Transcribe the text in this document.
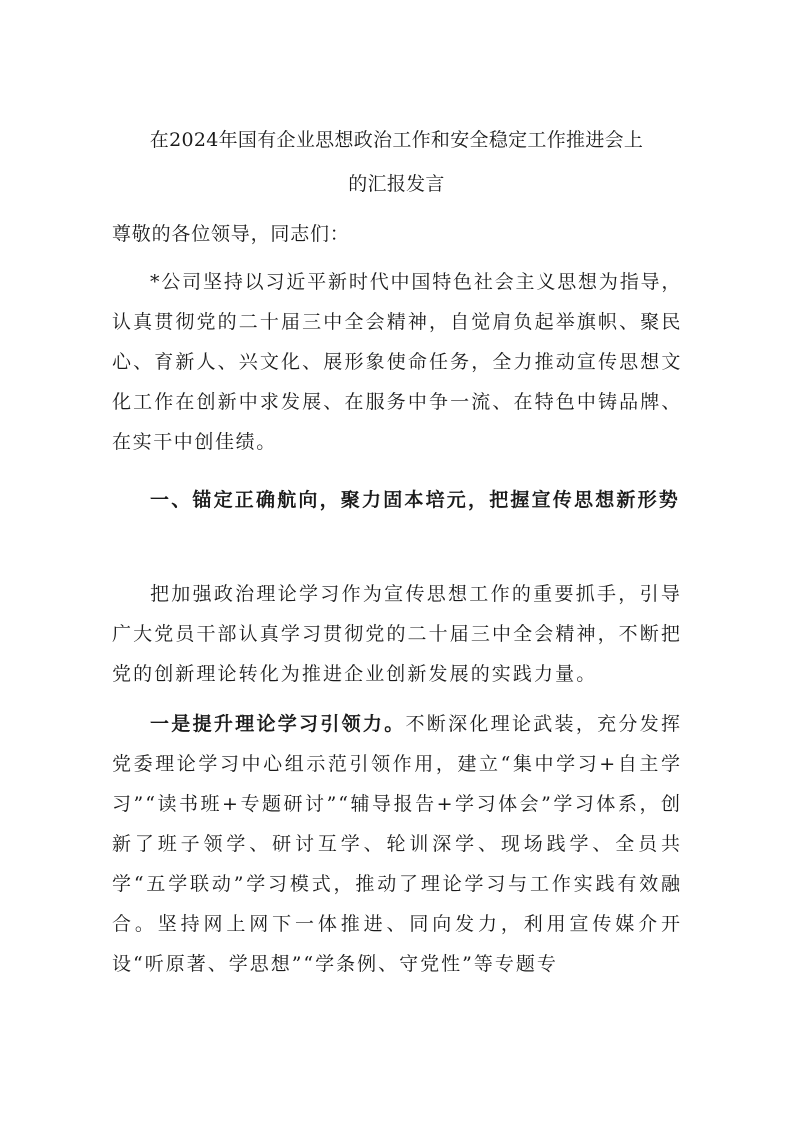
在2024年国有企业思想政治工作和安全稳定工作推进会上
的汇报发言
尊敬的各位领导，同志们：
*公司坚持以习近平新时代中国特色社会主义思想为指导，认真贯彻党的二十届三中全会精神，自觉肩负起举旗帜、聚民心、育新人、兴文化、展形象使命任务，全力推动宣传思想文化工作在创新中求发展、在服务中争一流、在特色中铸品牌、在实干中创佳绩。
一、锚定正确航向，聚力固本培元，把握宣传思想新形势
把加强政治理论学习作为宣传思想工作的重要抓手，引导广大党员干部认真学习贯彻党的二十届三中全会精神，不断把党的创新理论转化为推进企业创新发展的实践力量。
一是提升理论学习引领力。不断深化理论武装，充分发挥党委理论学习中心组示范引领作用，建立“集中学习+自主学习”“读书班+专题研讨”“辅导报告+学习体会”学习体系，创新了班子领学、研讨互学、轮训深学、现场践学、全员共学“五学联动”学习模式，推动了理论学习与工作实践有效融合。坚持网上网下一体推进、同向发力，利用宣传媒介开设“听原著、学思想”“学条例、守党性”等专题专
